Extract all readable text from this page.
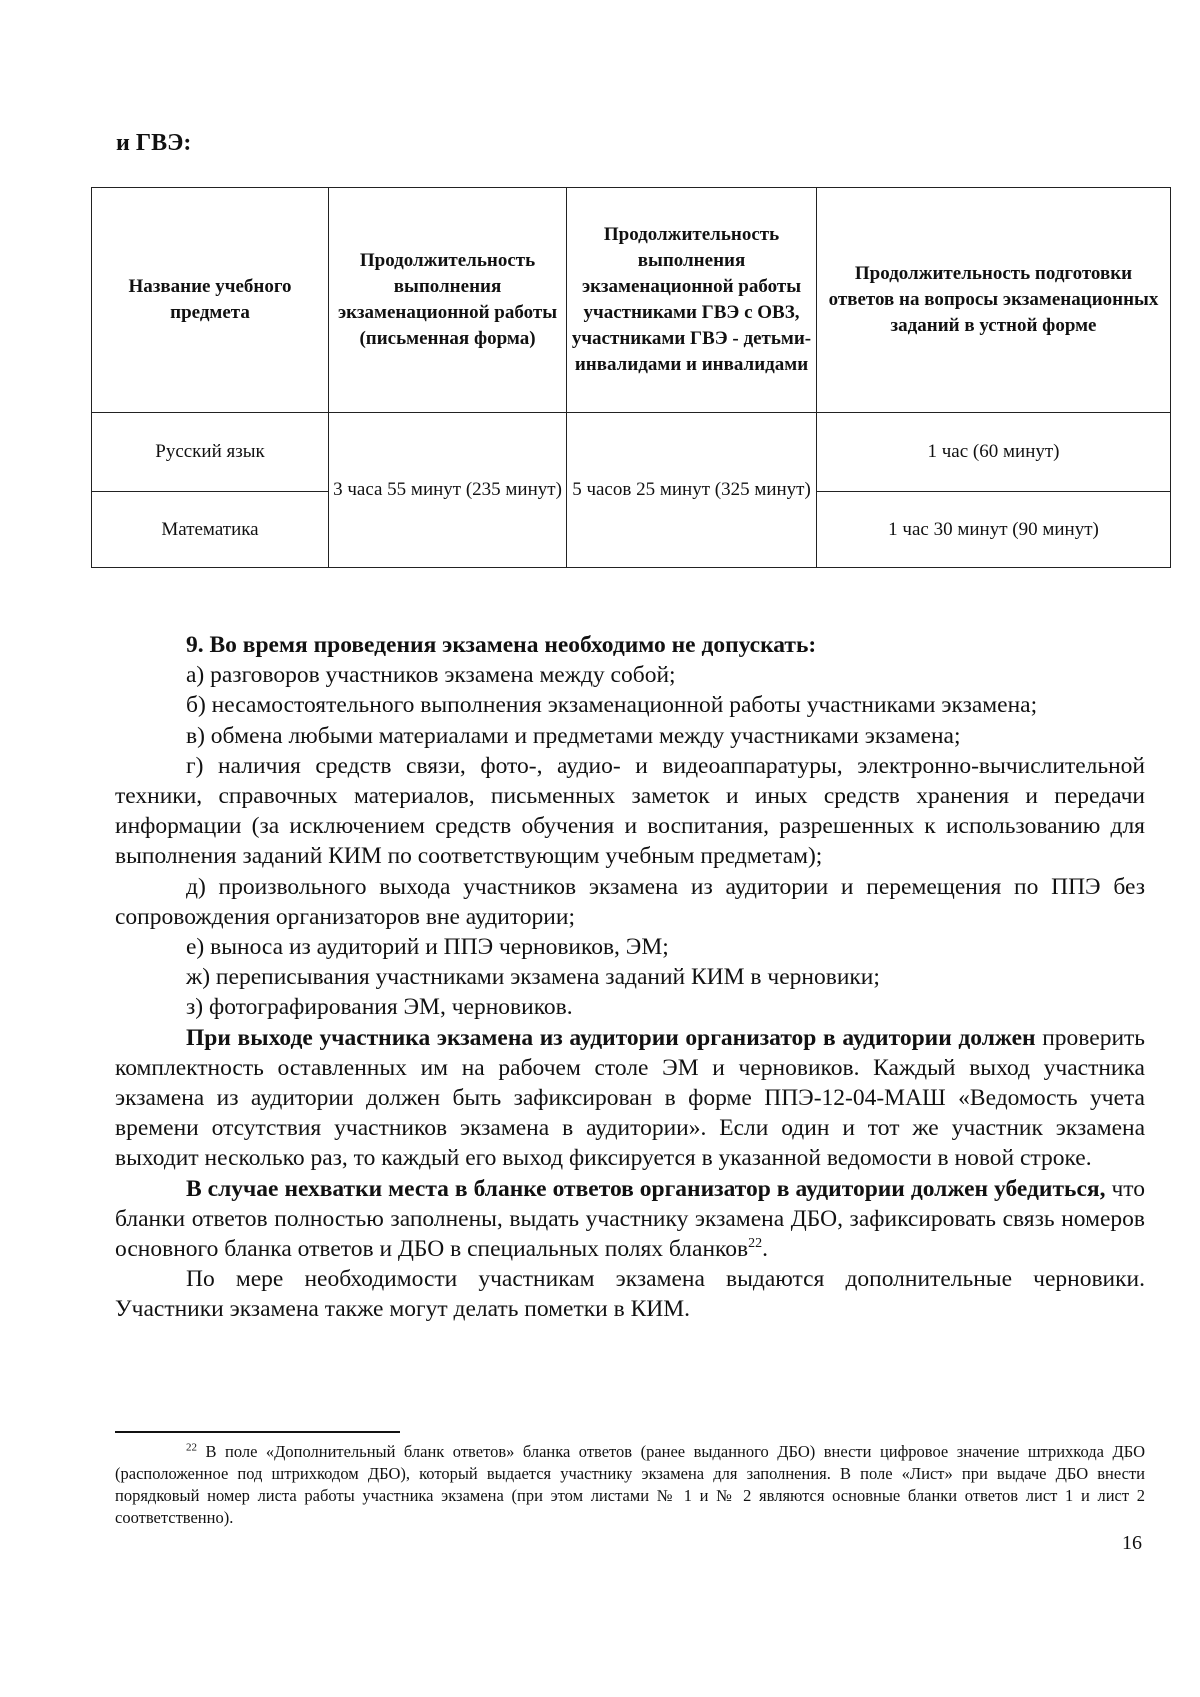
и ГВЭ:
Название учебного предмета	Продолжительность выполнения экзаменационной работы (письменная форма)	Продолжительность выполнения экзаменационной работы участниками ГВЭ с ОВЗ, участниками ГВЭ - детьми-инвалидами и инвалидами	Продолжительность подготовки ответов на вопросы экзаменационных заданий в устной форме
Русский язык	3 часа 55 минут (235 минут)	5 часов 25 минут (325 минут)	1 час (60 минут)
Математика			1 час 30 минут (90 минут)

9. Во время проведения экзамена необходимо не допускать:

а) разговоров участников экзамена между собой;

б) несамостоятельного выполнения экзаменационной работы участниками экзамена;

в) обмена любыми материалами и предметами между участниками экзамена;

г) наличия средств связи, фото-, аудио- и видеоаппаратуры, электронно-вычислительной техники, справочных материалов, письменных заметок и иных средств хранения и передачи информации (за исключением средств обучения и воспитания, разрешенных к использованию для выполнения заданий КИМ по соответствующим учебным предметам);

д) произвольного выхода участников экзамена из аудитории и перемещения по ППЭ без сопровождения организаторов вне аудитории;

е) выноса из аудиторий и ППЭ черновиков, ЭМ;

ж) переписывания участниками экзамена заданий КИМ в черновики;

з) фотографирования ЭМ, черновиков.

При выходе участника экзамена из аудитории организатор в аудитории должен проверить комплектность оставленных им на рабочем столе ЭМ и черновиков. Каждый выход участника экзамена из аудитории должен быть зафиксирован в форме ППЭ-12-04-МАШ «Ведомость учета времени отсутствия участников экзамена в аудитории». Если один и тот же участник экзамена выходит несколько раз, то каждый его выход фиксируется в указанной ведомости в новой строке.

В случае нехватки места в бланке ответов организатор в аудитории должен убедиться, что бланки ответов полностью заполнены, выдать участнику экзамена ДБО, зафиксировать связь номеров основного бланка ответов и ДБО в специальных полях бланков$^{22}$.

По мере необходимости участникам экзамена выдаются дополнительные черновики. Участники экзамена также могут делать пометки в КИМ.

$^{22}$ В поле «Дополнительный бланк ответов» бланка ответов (ранее выданного ДБО) внести цифровое значение штрихкода ДБО (расположенное под штрихкодом ДБО), который выдается участнику экзамена для заполнения. В поле «Лист» при выдаче ДБО внести порядковый номер листа работы участника экзамена (при этом листами № 1 и № 2 являются основные бланки ответов лист 1 и лист 2 соответственно).

16
